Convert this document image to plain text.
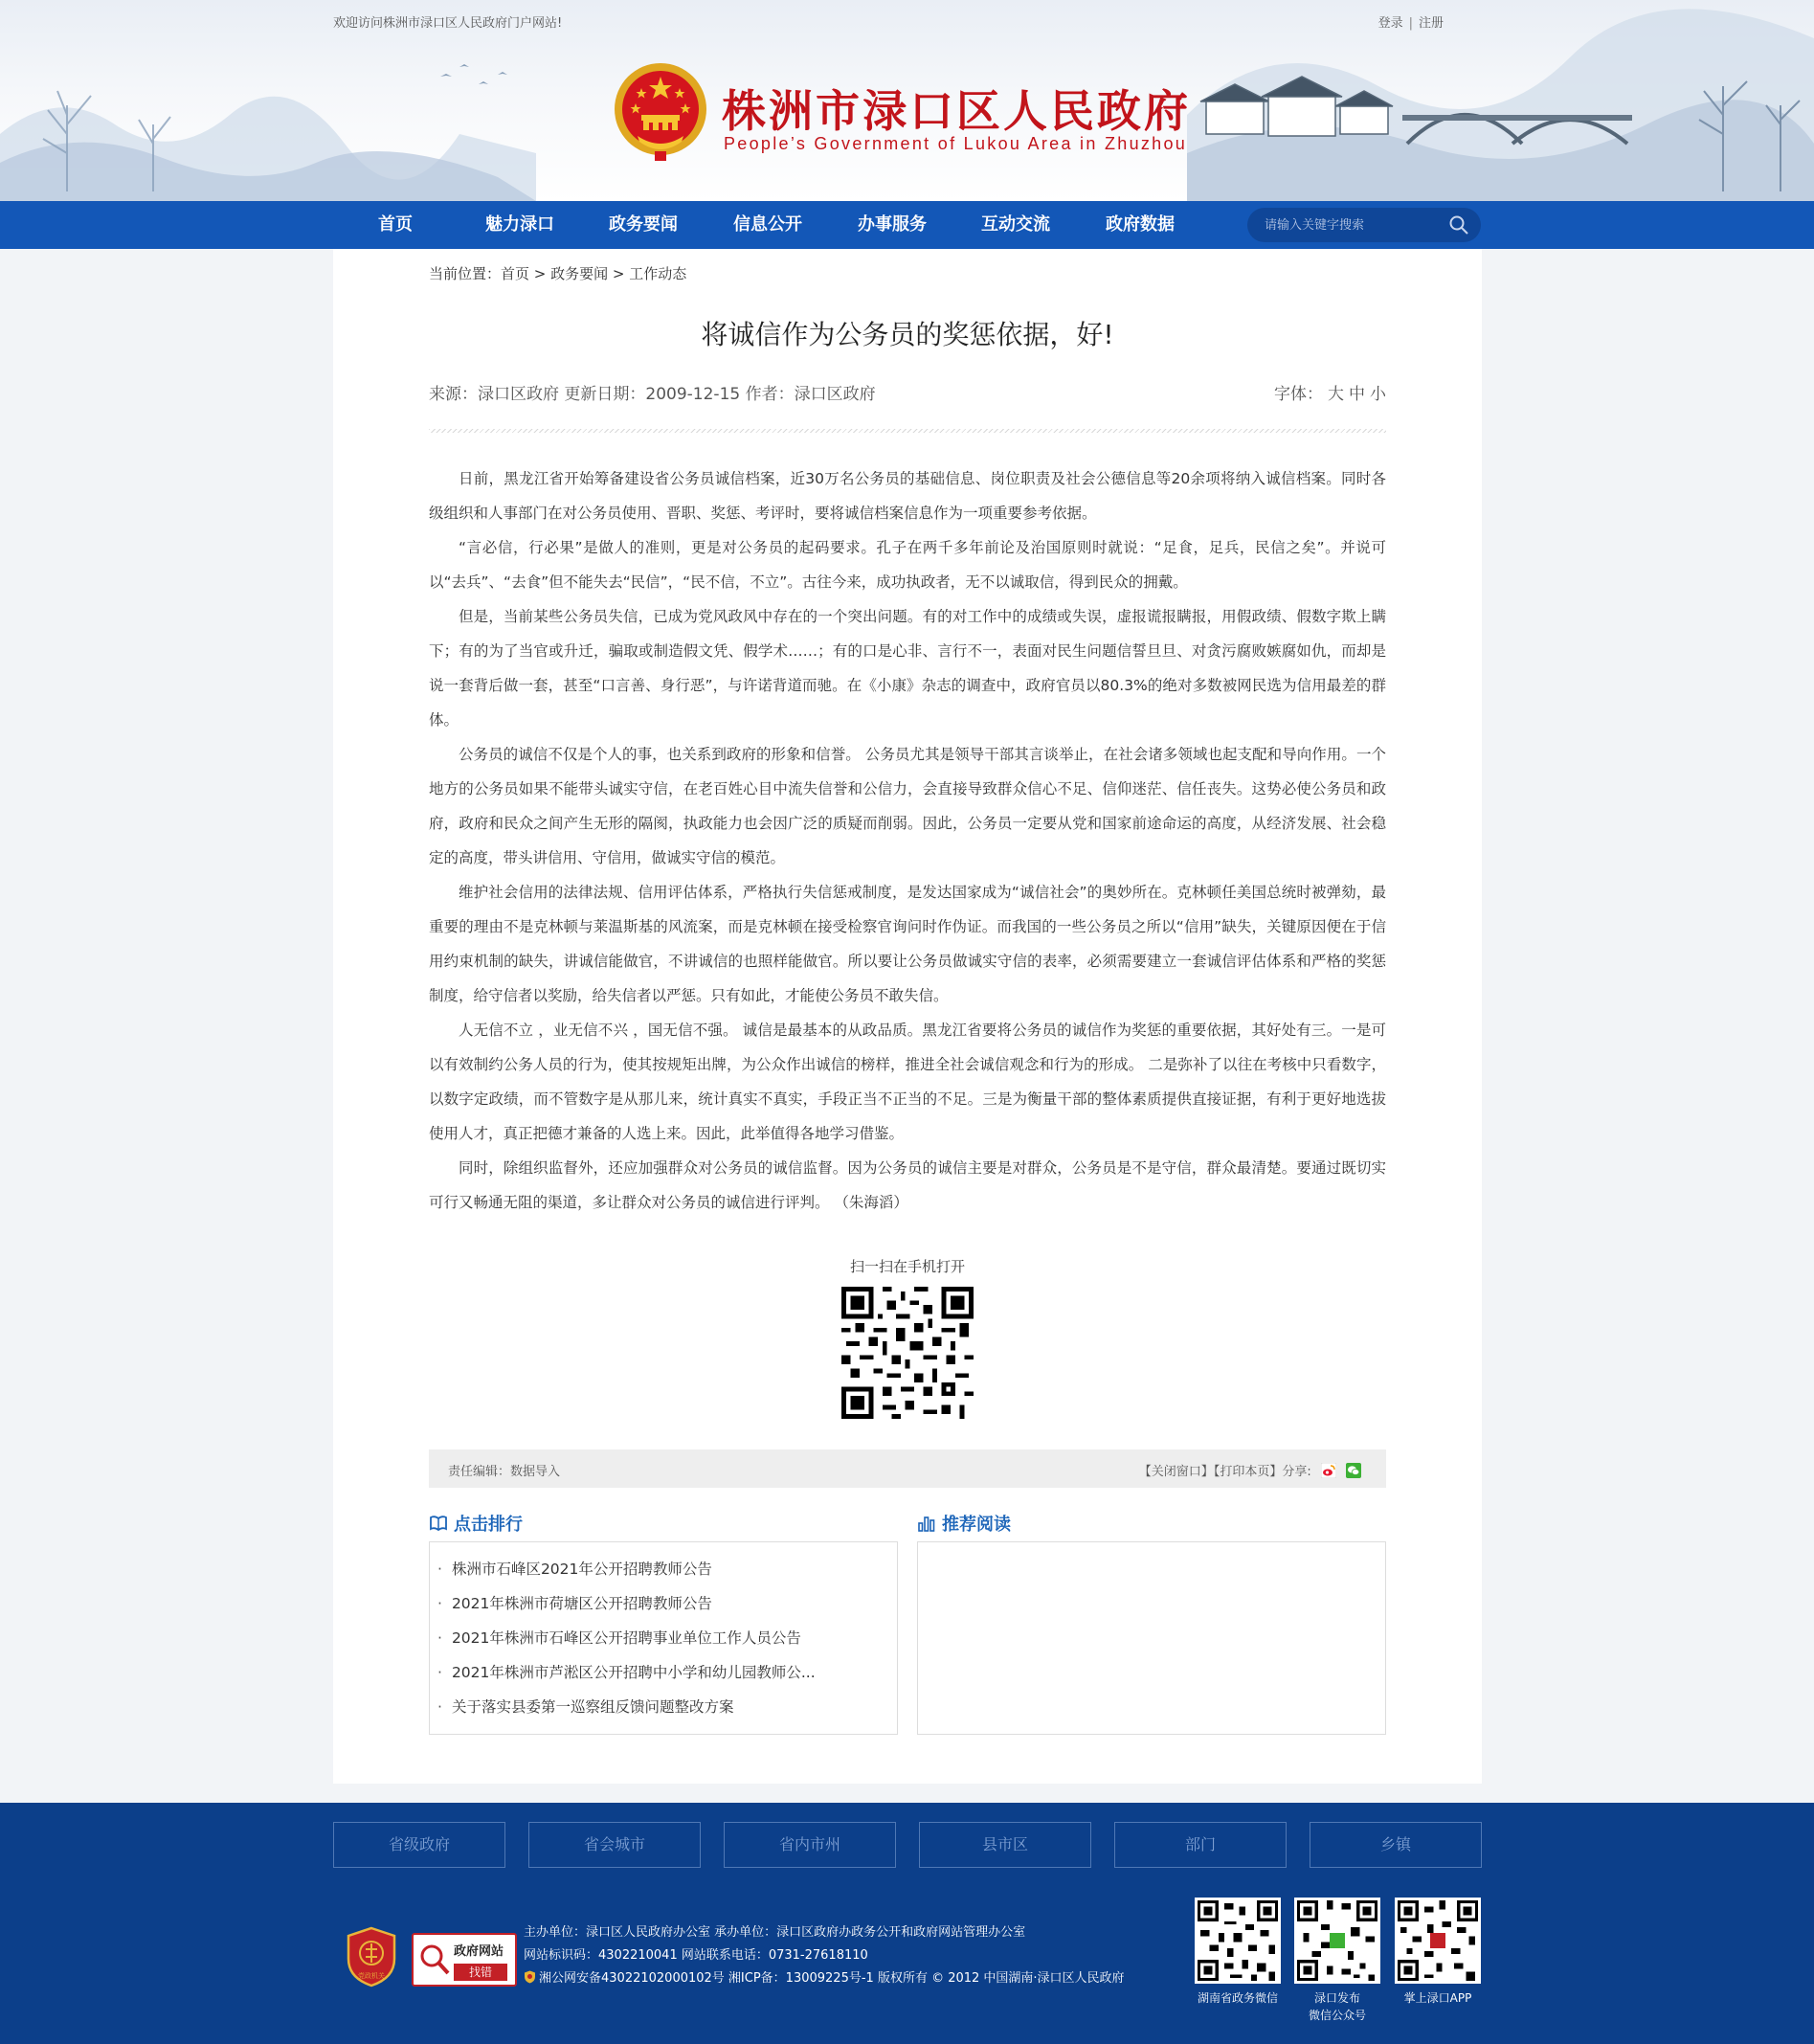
欢迎访问株洲市渌口区人民政府门户网站!	登录 | 注册
株洲市渌口区人民政府
People’s Government of Lukou Area in Zhuzhou
首页	魅力渌口	政务要闻	信息公开	办事服务	互动交流	政府数据
请输入关键字搜索
当前位置：首页 > 政务要闻 > 工作动态
将诚信作为公务员的奖惩依据，好!
来源：渌口区政府 更新日期：2009-12-15 作者：渌口区政府	字体： 大 中 小

日前，黑龙江省开始筹备建设省公务员诚信档案，近30万名公务员的基础信息、岗位职责及社会公德信息等20余项将纳入诚信档案。同时各级组织和人事部门在对公务员使用、晋职、奖惩、考评时，要将诚信档案信息作为一项重要参考依据。

“言必信，行必果”是做人的准则，更是对公务员的起码要求。孔子在两千多年前论及治国原则时就说：“足食，足兵，民信之矣”。并说可以“去兵”、“去食”但不能失去“民信”，“民不信，不立”。古往今来，成功执政者，无不以诚取信，得到民众的拥戴。

但是，当前某些公务员失信，已成为党风政风中存在的一个突出问题。有的对工作中的成绩或失误，虚报谎报瞒报，用假政绩、假数字欺上瞒下；有的为了当官或升迁，骗取或制造假文凭、假学术……；有的口是心非、言行不一，表面对民生问题信誓旦旦、对贪污腐败嫉腐如仇，而却是说一套背后做一套，甚至“口言善、身行恶”，与许诺背道而驰。在《小康》杂志的调查中，政府官员以80.3%的绝对多数被网民选为信用最差的群体。

公务员的诚信不仅是个人的事，也关系到政府的形象和信誉。 公务员尤其是领导干部其言谈举止，在社会诸多领域也起支配和导向作用。一个地方的公务员如果不能带头诚实守信，在老百姓心目中流失信誉和公信力，会直接导致群众信心不足、信仰迷茫、信任丧失。这势必使公务员和政府，政府和民众之间产生无形的隔阂，执政能力也会因广泛的质疑而削弱。因此，公务员一定要从党和国家前途命运的高度，从经济发展、社会稳定的高度，带头讲信用、守信用，做诚实守信的模范。

维护社会信用的法律法规、信用评估体系，严格执行失信惩戒制度，是发达国家成为“诚信社会”的奥妙所在。克林顿任美国总统时被弹劾，最重要的理由不是克林顿与莱温斯基的风流案，而是克林顿在接受检察官询问时作伪证。而我国的一些公务员之所以“信用”缺失，关键原因便在于信用约束机制的缺失，讲诚信能做官，不讲诚信的也照样能做官。所以要让公务员做诚实守信的表率，必须需要建立一套诚信评估体系和严格的奖惩制度，给守信者以奖励，给失信者以严惩。只有如此，才能使公务员不敢失信。

人无信不立 ，业无信不兴 ，国无信不强。 诚信是最基本的从政品质。黑龙江省要将公务员的诚信作为奖惩的重要依据，其好处有三。一是可以有效制约公务人员的行为，使其按规矩出牌，为公众作出诚信的榜样，推进全社会诚信观念和行为的形成。 二是弥补了以往在考核中只看数字，以数字定政绩，而不管数字是从那儿来，统计真实不真实，手段正当不正当的不足。三是为衡量干部的整体素质提供直接证据，有利于更好地选拔使用人才，真正把德才兼备的人选上来。因此，此举值得各地学习借鉴。

同时，除组织监督外，还应加强群众对公务员的诚信监督。因为公务员的诚信主要是对群众，公务员是不是守信，群众最清楚。要通过既切实可行又畅通无阻的渠道，多让群众对公务员的诚信进行评判。 （朱海滔）

扫一扫在手机打开
责任编辑：数据导入	【关闭窗口】【打印本页】分享:
点击排行
· 株洲市石峰区2021年公开招聘教师公告
· 2021年株洲市荷塘区公开招聘教师公告
· 2021年株洲市石峰区公开招聘事业单位工作人员公告
· 2021年株洲市芦淞区公开招聘中小学和幼儿园教师公...
· 关于落实县委第一巡察组反馈问题整改方案
推荐阅读
省级政府	省会城市	省内市州	县市区	部门	乡镇
党政机关
政府网站
找错
主办单位：渌口区人民政府办公室 承办单位：渌口区政府办政务公开和政府网站管理办公室
网站标识码：4302210041 网站联系电话：0731-27618110
湘公网安备43022102000102号 湘ICP备：13009225号-1 版权所有 © 2012 中国湖南·渌口区人民政府
湖南省政务微信	渌口发布
微信公众号
掌上渌口APP
